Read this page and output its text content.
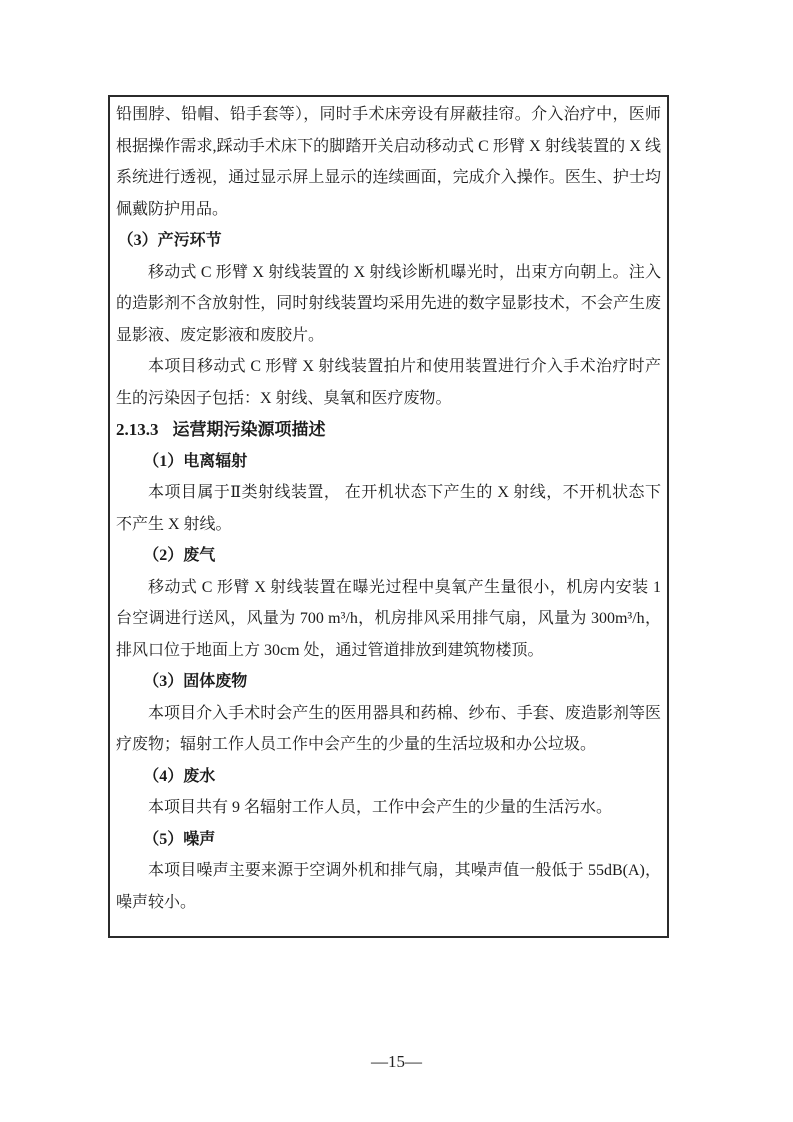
铅围脖、铅帽、铅手套等），同时手术床旁设有屏蔽挂帘。介入治疗中，医师根据操作需求,踩动手术床下的脚踏开关启动移动式 C 形臂 X 射线装置的 X 线系统进行透视，通过显示屏上显示的连续画面，完成介入操作。医生、护士均佩戴防护用品。
（3）产污环节
移动式 C 形臂 X 射线装置的 X 射线诊断机曝光时，出束方向朝上。注入的造影剂不含放射性，同时射线装置均采用先进的数字显影技术，不会产生废显影液、废定影液和废胶片。
本项目移动式 C 形臂 X 射线装置拍片和使用装置进行介入手术治疗时产生的污染因子包括：X 射线、臭氧和医疗废物。
2.13.3 运营期污染源项描述
（1）电离辐射
本项目属于Ⅱ类射线装置， 在开机状态下产生的 X 射线，不开机状态下不产生 X 射线。
（2）废气
移动式 C 形臂 X 射线装置在曝光过程中臭氧产生量很小，机房内安装 1 台空调进行送风，风量为 700 m³/h，机房排风采用排气扇，风量为 300m³/h，排风口位于地面上方 30cm 处，通过管道排放到建筑物楼顶。
（3）固体废物
本项目介入手术时会产生的医用器具和药棉、纱布、手套、废造影剂等医疗废物；辐射工作人员工作中会产生的少量的生活垃圾和办公垃圾。
（4）废水
本项目共有 9 名辐射工作人员，工作中会产生的少量的生活污水。
（5）噪声
本项目噪声主要来源于空调外机和排气扇，其噪声值一般低于 55dB(A)，噪声较小。
—15—
